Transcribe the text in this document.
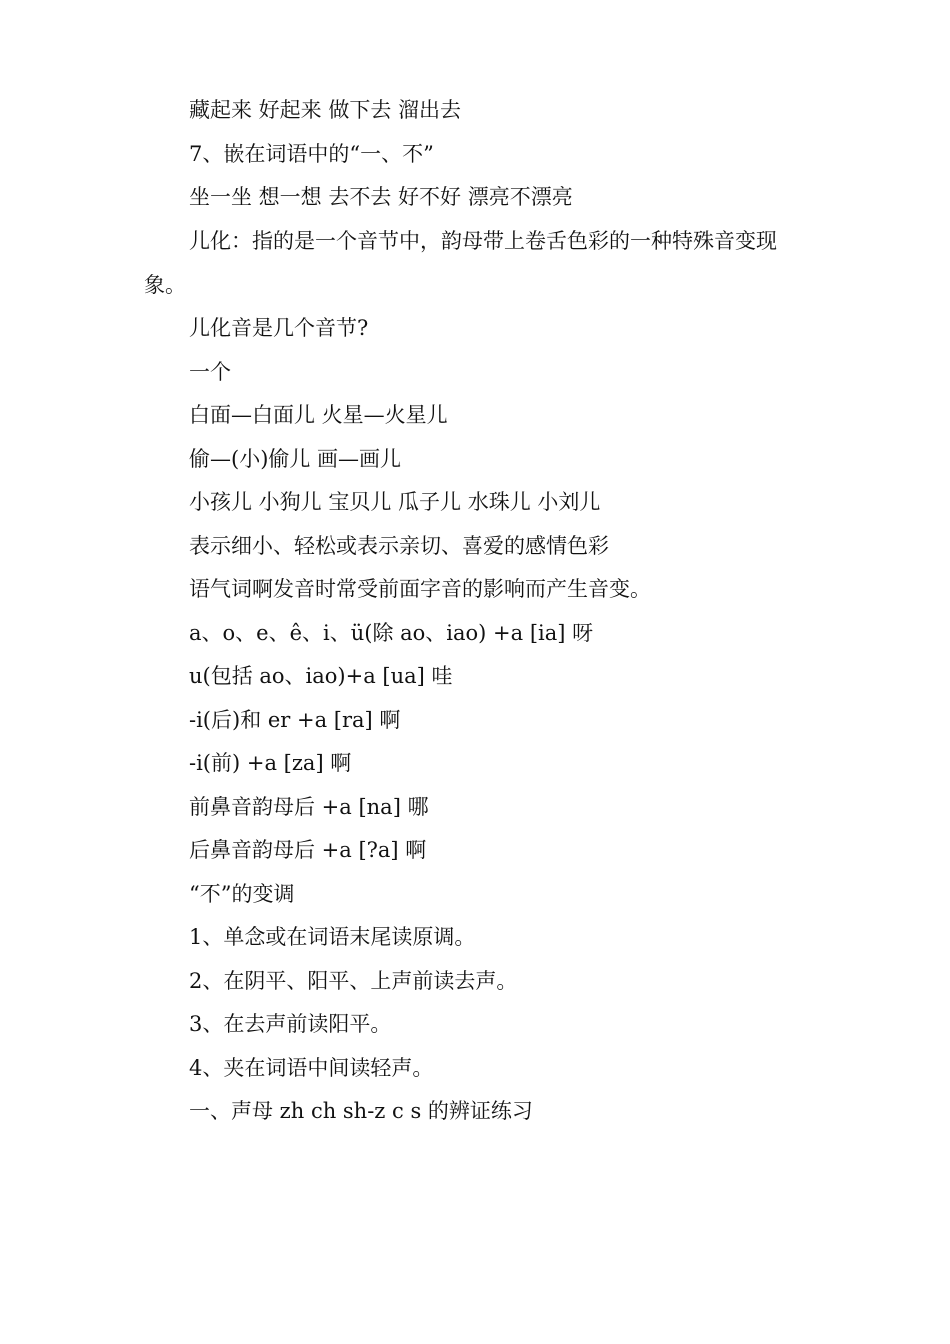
藏起来 好起来 做下去 溜出去

7、嵌在词语中的“一、不”

坐一坐 想一想 去不去 好不好 漂亮不漂亮

儿化：指的是一个音节中，韵母带上卷舌色彩的一种特殊音变现象。

儿化音是几个音节?

一个

白面—白面儿 火星—火星儿

偷—(小)偷儿 画—画儿

小孩儿 小狗儿 宝贝儿 瓜子儿 水珠儿 小刘儿

表示细小、轻松或表示亲切、喜爱的感情色彩

语气词啊发音时常受前面字音的影响而产生音变。

a、o、e、ê、i、ü(除 ao、iao) +a [ia] 呀

u(包括 ao、iao)+a [ua] 哇

-i(后)和 er +a [ra] 啊

-i(前) +a [za] 啊

前鼻音韵母后 +a [na] 哪

后鼻音韵母后 +a [?a] 啊

“不”的变调

1、单念或在词语末尾读原调。

2、在阴平、阳平、上声前读去声。

3、在去声前读阳平。

4、夹在词语中间读轻声。

一、声母 zh ch sh-z c s 的辨证练习
